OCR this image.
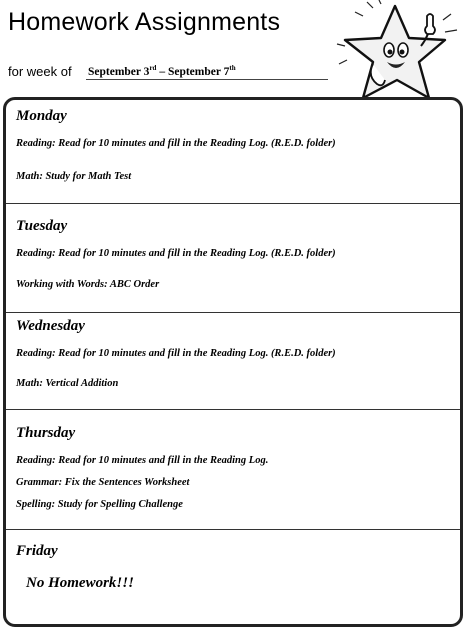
Homework Assignments
for week of September 3rd – September 7th
Monday
Reading: Read for 10 minutes and fill in the Reading Log. (R.E.D. folder)
Math: Study for Math Test
Tuesday
Reading: Read for 10 minutes and fill in the Reading Log. (R.E.D. folder)
Working with Words: ABC Order
Wednesday
Reading: Read for 10 minutes and fill in the Reading Log. (R.E.D. folder)
Math: Vertical Addition
Thursday
Reading: Read for 10 minutes and fill in the Reading Log.
Grammar: Fix the Sentences Worksheet
Spelling: Study for Spelling Challenge
Friday
No Homework!!!
